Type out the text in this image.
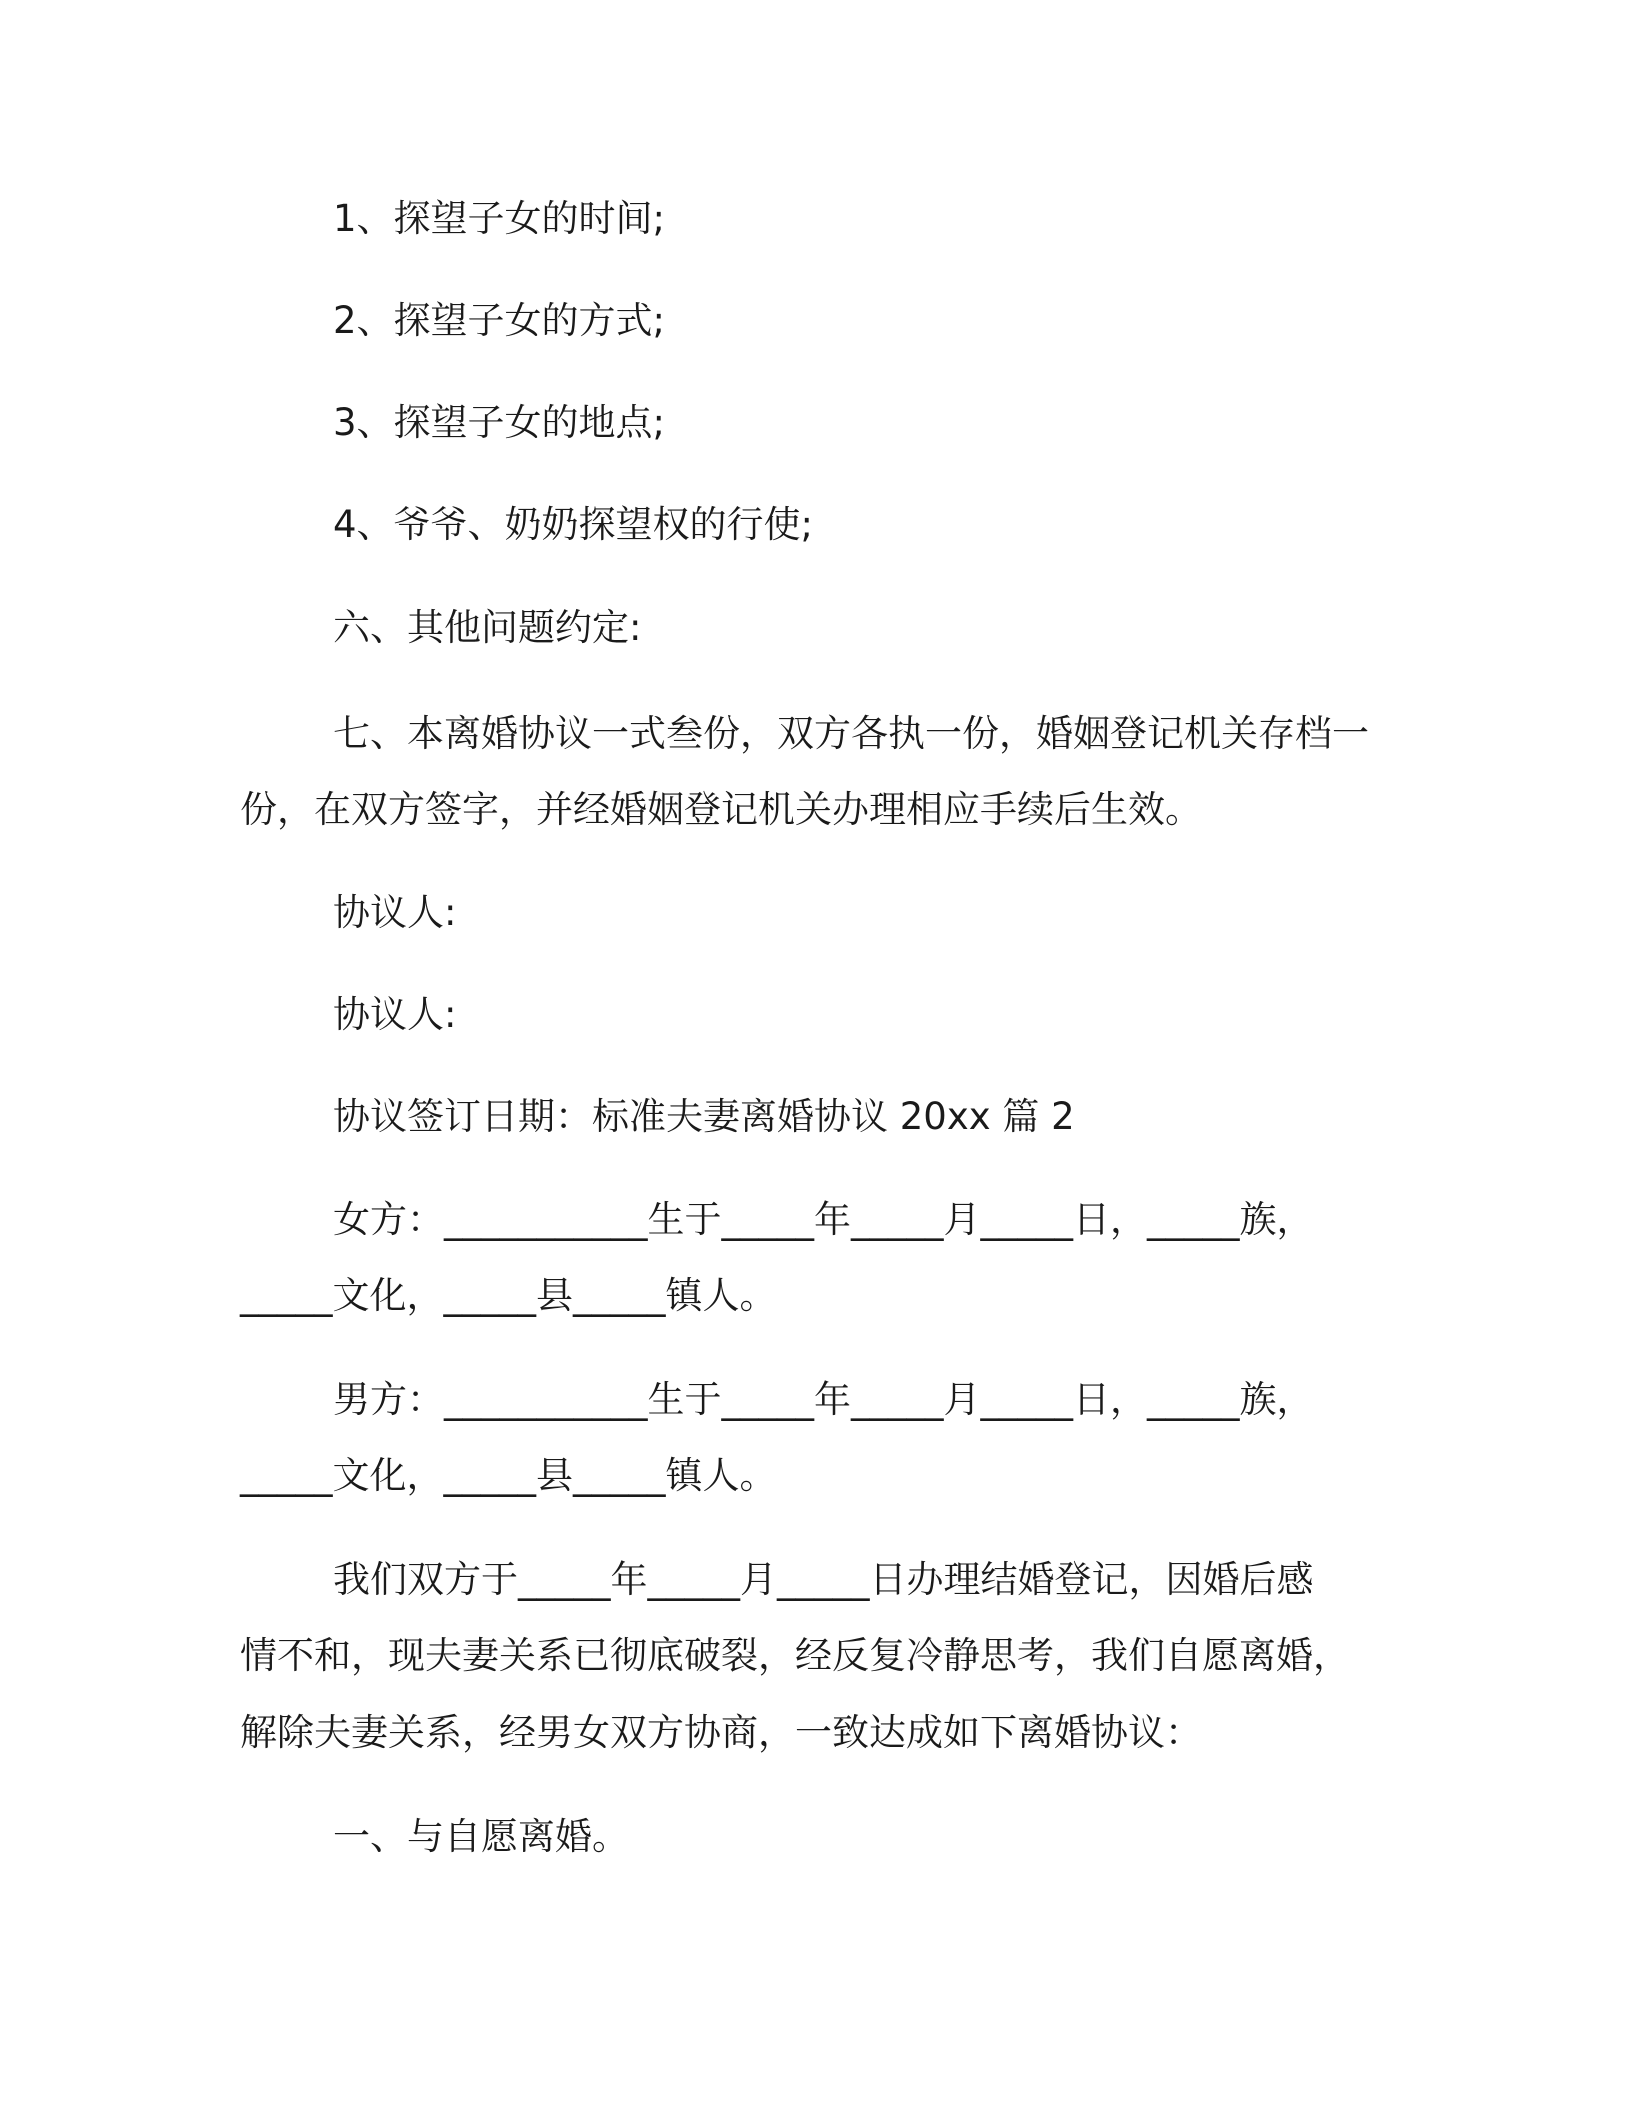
1、探望子女的时间;
2、探望子女的方式;
3、探望子女的地点;
4、爷爷、奶奶探望权的行使;
六、其他问题约定:
七、本离婚协议一式叁份，双方各执一份，婚姻登记机关存档一
份，在双方签字，并经婚姻登记机关办理相应手续后生效。
协议人:
协议人:
协议签订日期：标准夫妻离婚协议 20xx 篇 2
女方：___________生于_____年_____月_____日，_____族，
_____文化，_____县_____镇人。
男方：___________生于_____年_____月_____日，_____族，
_____文化，_____县_____镇人。
我们双方于_____年_____月_____日办理结婚登记，因婚后感
情不和，现夫妻关系已彻底破裂，经反复冷静思考，我们自愿离婚，
解除夫妻关系，经男女双方协商，一致达成如下离婚协议：
一、与自愿离婚。
